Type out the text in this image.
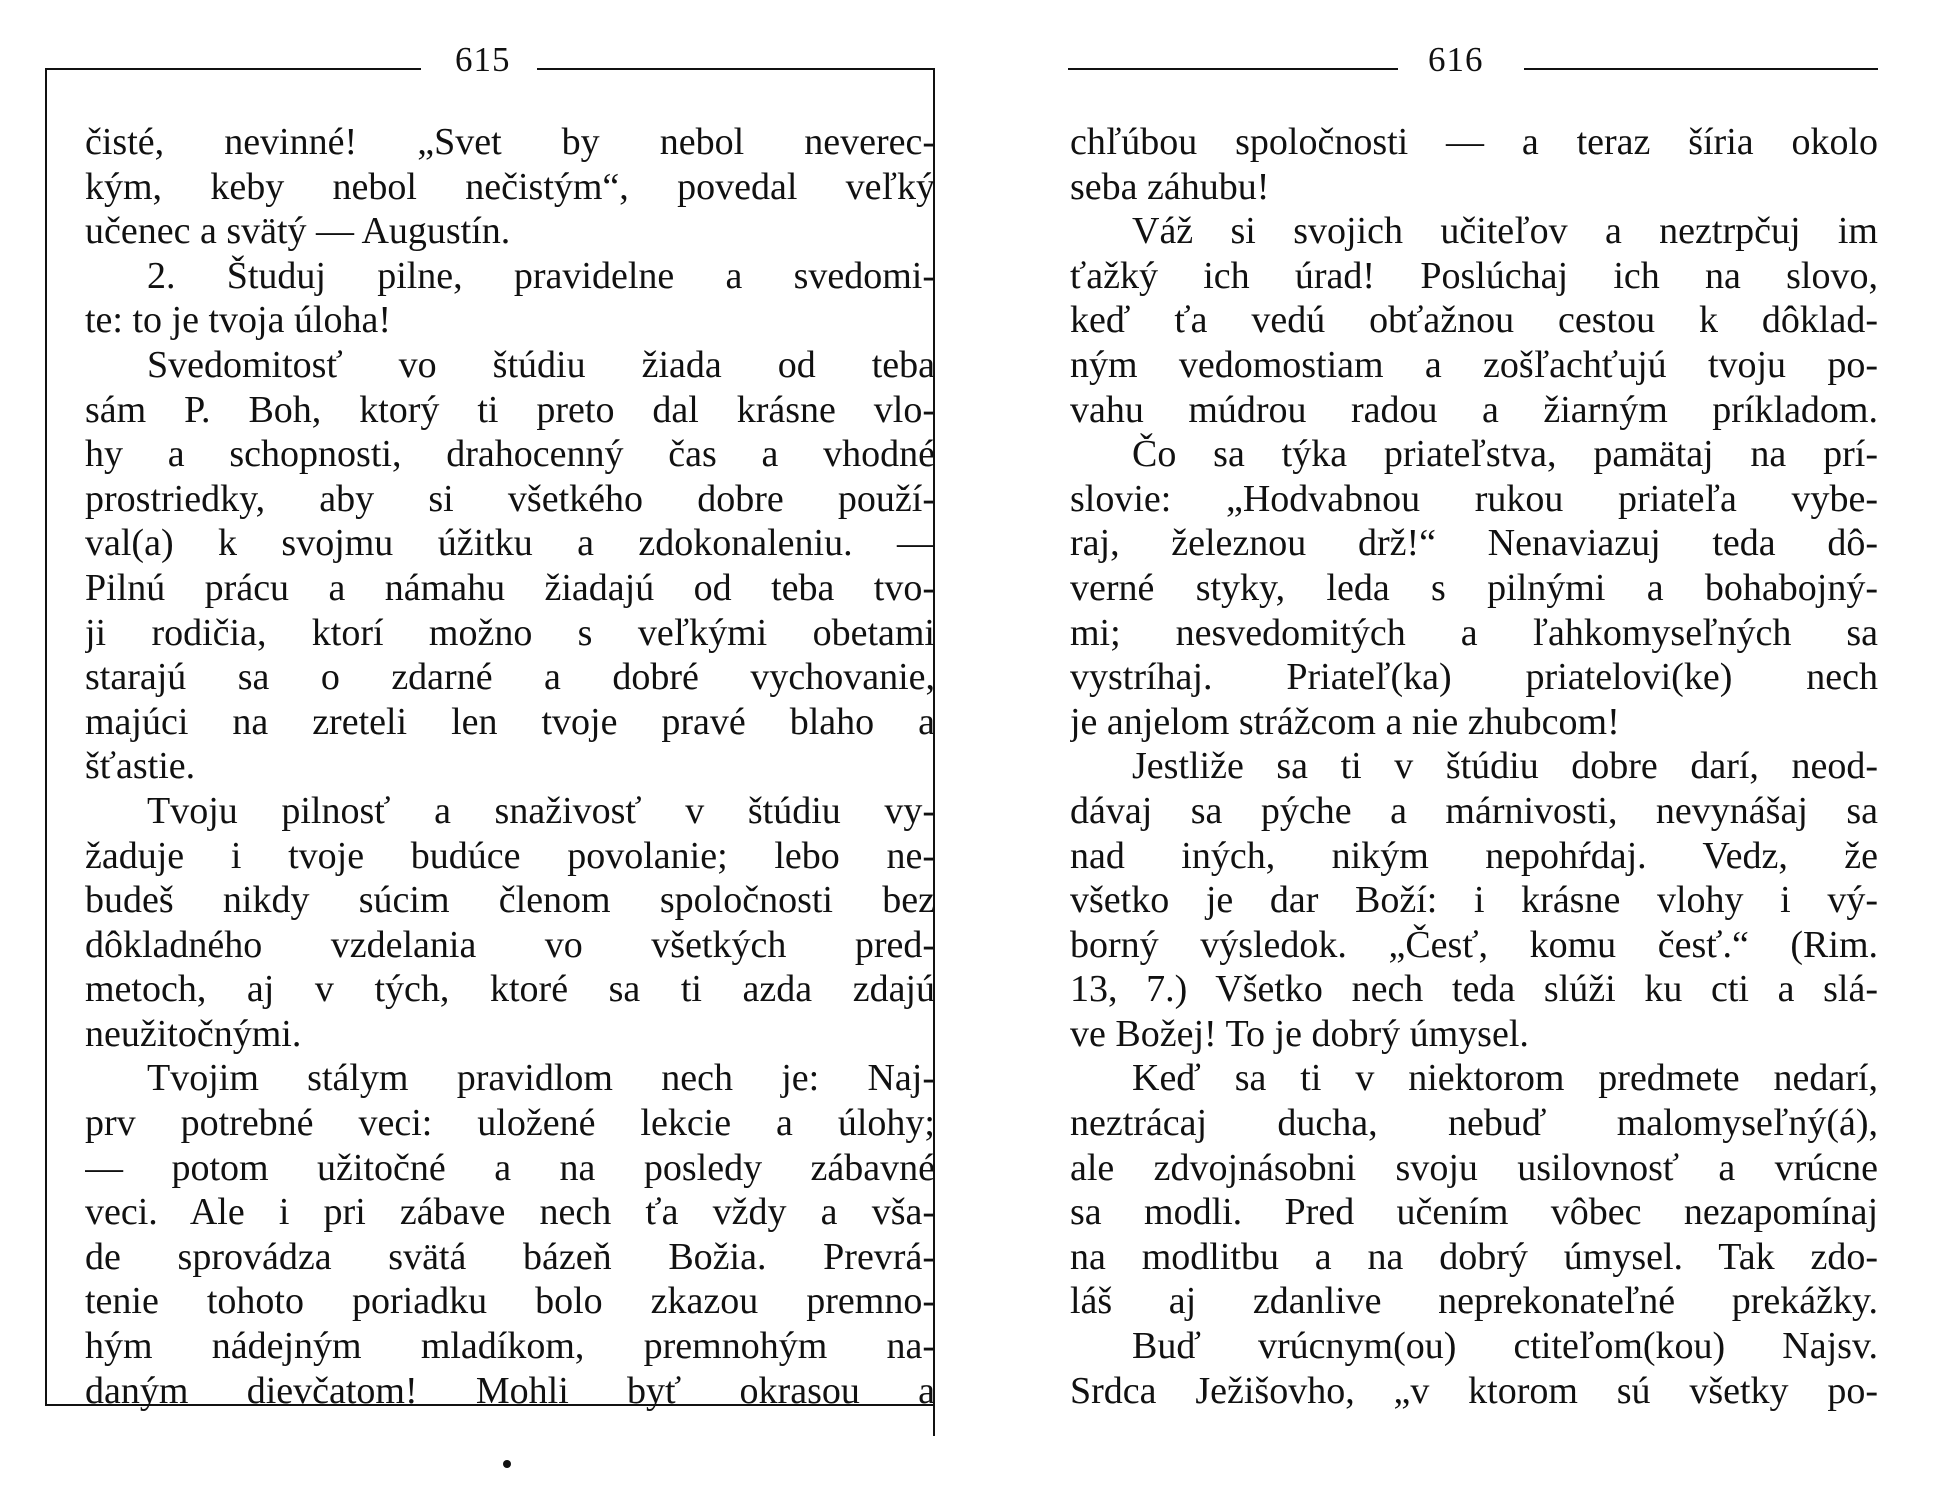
615
čisté, nevinné! „Svet by nebol neverec-
kým, keby nebol nečistým“, povedal veľký
učenec a svätý — Augustín.
2. Študuj pilne, pravidelne a svedomi-
te: to je tvoja úloha!
Svedomitosť vo štúdiu žiada od teba
sám P. Boh, ktorý ti preto dal krásne vlo-
hy a schopnosti, drahocenný čas a vhodné
prostriedky, aby si všetkého dobre použí-
val(a) k svojmu úžitku a zdokonaleniu. —
Pilnú prácu a námahu žiadajú od teba tvo-
ji rodičia, ktorí možno s veľkými obetami
starajú sa o zdarné a dobré vychovanie,
majúci na zreteli len tvoje pravé blaho a
šťastie.
Tvoju pilnosť a snaživosť v štúdiu vy-
žaduje i tvoje budúce povolanie; lebo ne-
budeš nikdy súcim členom spoločnosti bez
dôkladného vzdelania vo všetkých pred-
metoch, aj v tých, ktoré sa ti azda zdajú
neužitočnými.
Tvojim stálym pravidlom nech je: Naj-
prv potrebné veci: uložené lekcie a úlohy;
— potom užitočné a na posledy zábavné
veci. Ale i pri zábave nech ťa vždy a vša-
de sprovádza svätá bázeň Božia. Prevrá-
tenie tohoto poriadku bolo zkazou premno-
hým nádejným mladíkom, premnohým na-
daným dievčatom! Mohli byť okrasou a
616
chľúbou spoločnosti — a teraz šíria okolo
seba záhubu!
Váž si svojich učiteľov a neztrpčuj im
ťažký ich úrad! Poslúchaj ich na slovo,
keď ťa vedú obťažnou cestou k dôklad-
ným vedomostiam a zošľachťujú tvoju po-
vahu múdrou radou a žiarným príkladom.
Čo sa týka priateľstva, pamätaj na prí-
slovie: „Hodvabnou rukou priateľa vybe-
raj, železnou drž!“ Nenaviazuj teda dô-
verné styky, leda s pilnými a bohabojný-
mi; nesvedomitých a ľahkomyseľných sa
vystríhaj. Priateľ(ka) priatelovi(ke) nech
je anjelom strážcom a nie zhubcom!
Jestliže sa ti v štúdiu dobre darí, neod-
dávaj sa pýche a márnivosti, nevynášaj sa
nad iných, nikým nepohŕdaj. Vedz, že
všetko je dar Boží: i krásne vlohy i vý-
borný výsledok. „Česť, komu česť.“ (Rim.
13, 7.) Všetko nech teda slúži ku cti a slá-
ve Božej! To je dobrý úmysel.
Keď sa ti v niektorom predmete nedarí,
neztrácaj ducha, nebuď malomyseľný(á),
ale zdvojnásobni svoju usilovnosť a vrúcne
sa modli. Pred učením vôbec nezapomínaj
na modlitbu a na dobrý úmysel. Tak zdo-
láš aj zdanlive neprekonateľné prekážky.
Buď vrúcnym(ou) ctiteľom(kou) Najsv.
Srdca Ježišovho, „v ktorom sú všetky po-
